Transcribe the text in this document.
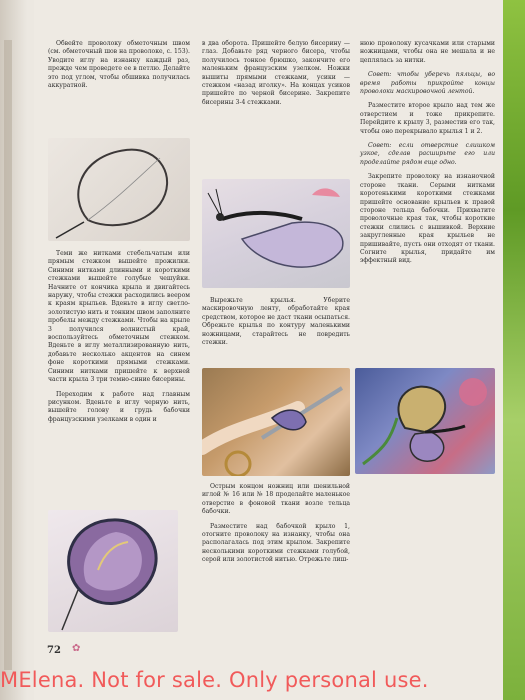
Обвейте проволоку обметочным швом (см. обметочный шов на проволоке, с. 153). Уводите иглу на изнанку каждый раз, прежде чем проведете ее в петлю. Делайте это под углом, чтобы обшивка получилась аккуратной.

Теми же нитками стебельчатым или прямым стежком вышейте прожилки. Синими нитками длинными и короткими стежками вышейте голубые чешуйки. Начните от кончика крыла и двигайтесь наружу, чтобы стежки расходились веером к краям крыльев. Вденьте в иглу светло-золотистую нить и тонким швом заполните пробелы между стежками. Чтобы на крыле 3 получился волнистый край, воспользуйтесь обметочным стежком. Вденьте в иглу металлизированную нить, добавьте несколько акцентов на синем фоне короткими прямыми стежками. Синими нитками пришейте к верхней части крыла 3 три темно-синие бисерины.

Переходим к работе над главным рисунком. Вденьте в иглу черную нить, вышейте голову и грудь бабочки французскими узелками в один и

72 ✿

в два оборота. Пришейте белую бисерину — глаз. Добавьте ряд черного бисера, чтобы получилось тонкое брюшко, закончите его маленьким французским узелком. Ножки вышиты прямыми стежками, усики — стежком «назад иголку». На концах усиков пришейте по черной бисерине. Закрепите бисерины 3-4 стежками.

Вырежьте крылья. Уберите маскировочную ленту, обработайте края средством, которое не даст ткани осыпаться. Обрежьте крылья по контуру маленькими ножницами, старайтесь не повредить стежки.

Острым концом ножниц или шенильной иглой № 16 или № 18 проделайте маленькое отверстие в фоновой ткани возле тельца бабочки.

Разместите над бабочкой крыло 1, отогните проволоку на изнанку, чтобы она располагалась под этим крылом. Закрепите несколькими короткими стежками голубой, серой или золотистой нитью. Отрежьте лиш-

нюю проволоку кусачками или старыми ножницами, чтобы она не мешала и не цеплялась за нитки.

Совет: чтобы уберечь пяльцы, во время работы прикройте концы проволоки маскировочной лентой.

Разместите второе крыло над тем же отверстием и тоже прикрепите. Перейдите к крылу 3, разместив его так, чтобы оно перекрывало крылья 1 и 2.

Совет: если отверстие слишком узкое, сделав расширьте его или проделайте рядом еще одно.

Закрепите проволоку на изнаночной стороне ткани. Серыми нитками коротенькими короткими стежками пришейте основание крыльев к правой стороне тельца бабочки. Прихватите проволочные края так, чтобы короткие стежки слились с вышивкой. Верхние закругленные края крыльев не пришивайте, пусть они отходят от ткани. Согните крылья, придайте им эффектный вид.

MElena. Not for sale. Only personal use.
